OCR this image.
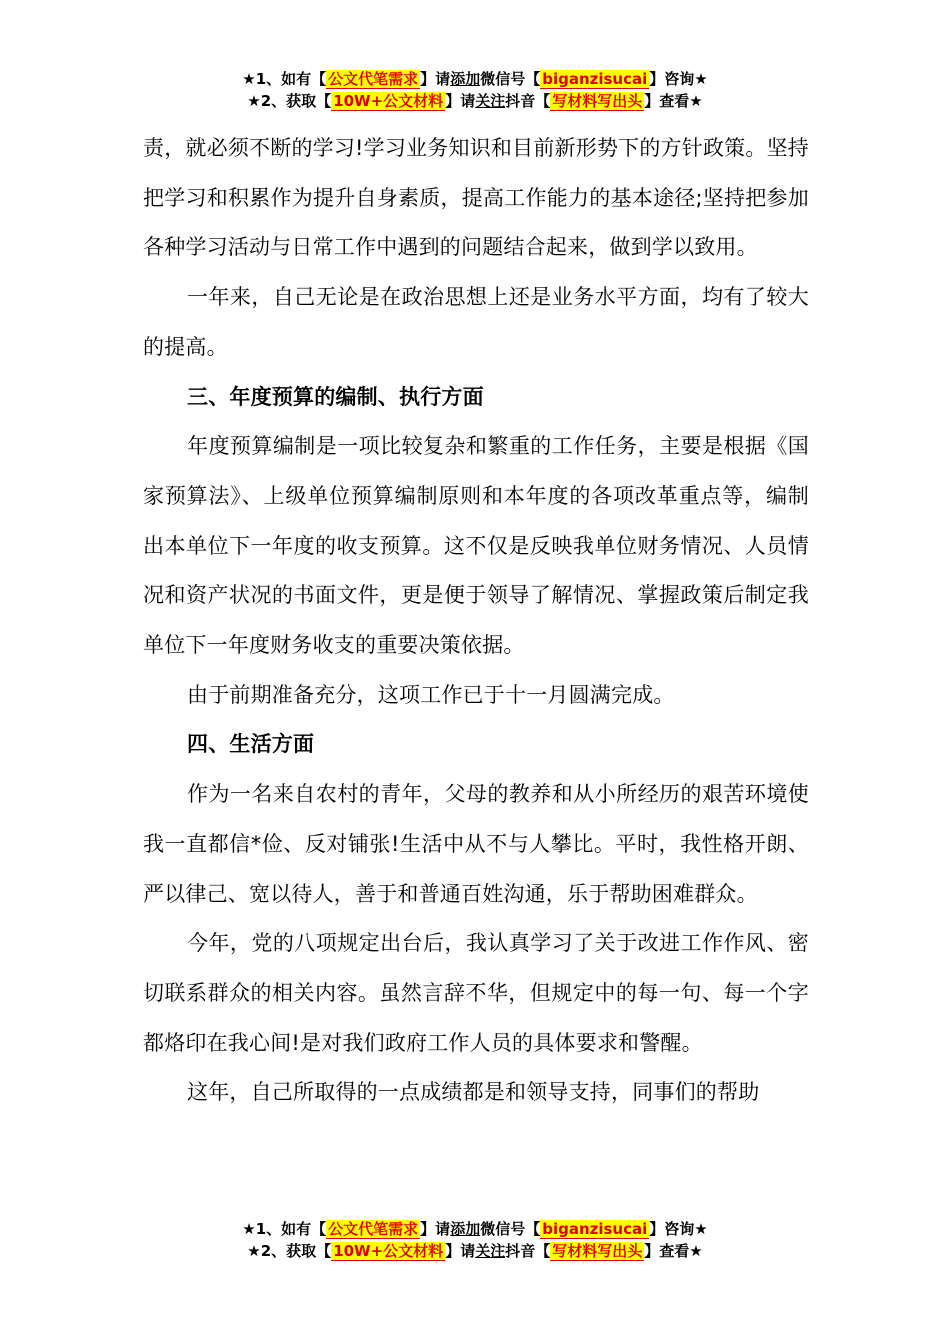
★1、如有【 公文代笔需求 】请添加微信号【 biganzisucai 】咨询★
★2、获取【 10W+公文材料 】请关注抖音【 写材料写出头 】查看★

责，就必须不断的学习!学习业务知识和目前新形势下的方针政策。坚持把学习和积累作为提升自身素质，提高工作能力的基本途径;坚持把参加各种学习活动与日常工作中遇到的问题结合起来，做到学以致用。

一年来，自己无论是在政治思想上还是业务水平方面，均有了较大的提高。

三、年度预算的编制、执行方面

年度预算编制是一项比较复杂和繁重的工作任务，主要是根据《国家预算法》、上级单位预算编制原则和本年度的各项改革重点等，编制出本单位下一年度的收支预算。这不仅是反映我单位财务情况、人员情况和资产状况的书面文件，更是便于领导了解情况、掌握政策后制定我单位下一年度财务收支的重要决策依据。

由于前期准备充分，这项工作已于十一月圆满完成。

四、生活方面

作为一名来自农村的青年，父母的教养和从小所经历的艰苦环境使我一直都信*俭、反对铺张!生活中从不与人攀比。平时，我性格开朗、严以律己、宽以待人，善于和普通百姓沟通，乐于帮助困难群众。

今年，党的八项规定出台后，我认真学习了关于改进工作作风、密切联系群众的相关内容。虽然言辞不华，但规定中的每一句、每一个字都烙印在我心间!是对我们政府工作人员的具体要求和警醒。

这年，自己所取得的一点成绩都是和领导支持，同事们的帮助

★1、如有【 公文代笔需求 】请添加微信号【 biganzisucai 】咨询★
★2、获取【 10W+公文材料 】请关注抖音【 写材料写出头 】查看★
